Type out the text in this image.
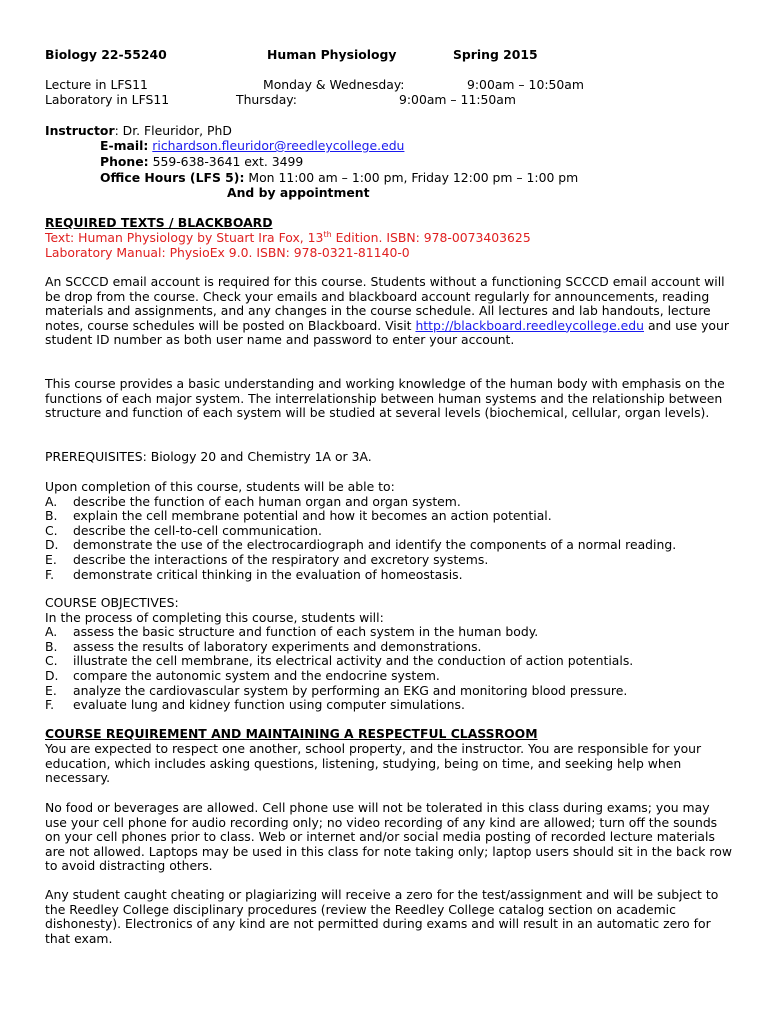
Biology 22-55240	Human Physiology	Spring 2015
Lecture in LFS11	Monday & Wednesday:	9:00am – 10:50am
Laboratory in LFS11	Thursday:	9:00am – 11:50am
Instructor: Dr. Fleuridor, PhD
E-mail: richardson.fleuridor@reedleycollege.edu
Phone: 559-638-3641 ext. 3499
Office Hours (LFS 5): Mon 11:00 am – 1:00 pm, Friday 12:00 pm – 1:00 pm
And by appointment
REQUIRED TEXTS / BLACKBOARD
Text: Human Physiology by Stuart Ira Fox, 13th Edition. ISBN: 978-0073403625
Laboratory Manual: PhysioEx 9.0. ISBN: 978-0321-81140-0
An SCCCD email account is required for this course. Students without a functioning SCCCD email account will be drop from the course. Check your emails and blackboard account regularly for announcements, reading materials and assignments, and any changes in the course schedule. All lectures and lab handouts, lecture notes, course schedules will be posted on Blackboard. Visit http://blackboard.reedleycollege.edu and use your student ID number as both user name and password to enter your account.
This course provides a basic understanding and working knowledge of the human body with emphasis on the functions of each major system. The interrelationship between human systems and the relationship between structure and function of each system will be studied at several levels (biochemical, cellular, organ levels).
PREREQUISITES: Biology 20 and Chemistry 1A or 3A.
Upon completion of this course, students will be able to:
A.	describe the function of each human organ and organ system.
B.	explain the cell membrane potential and how it becomes an action potential.
C.	describe the cell-to-cell communication.
D.	demonstrate the use of the electrocardiograph and identify the components of a normal reading.
E.	describe the interactions of the respiratory and excretory systems.
F.	demonstrate critical thinking in the evaluation of homeostasis.
COURSE OBJECTIVES:
In the process of completing this course, students will:
A.	assess the basic structure and function of each system in the human body.
B.	assess the results of laboratory experiments and demonstrations.
C.	illustrate the cell membrane, its electrical activity and the conduction of action potentials.
D.	compare the autonomic system and the endocrine system.
E.	analyze the cardiovascular system by performing an EKG and monitoring blood pressure.
F.	evaluate lung and kidney function using computer simulations.
COURSE REQUIREMENT AND MAINTAINING A RESPECTFUL CLASSROOM
You are expected to respect one another, school property, and the instructor. You are responsible for your education, which includes asking questions, listening, studying, being on time, and seeking help when necessary.
No food or beverages are allowed. Cell phone use will not be tolerated in this class during exams; you may use your cell phone for audio recording only; no video recording of any kind are allowed; turn off the sounds on your cell phones prior to class. Web or internet and/or social media posting of recorded lecture materials are not allowed. Laptops may be used in this class for note taking only; laptop users should sit in the back row to avoid distracting others.
Any student caught cheating or plagiarizing will receive a zero for the test/assignment and will be subject to the Reedley College disciplinary procedures (review the Reedley College catalog section on academic dishonesty). Electronics of any kind are not permitted during exams and will result in an automatic zero for that exam.
